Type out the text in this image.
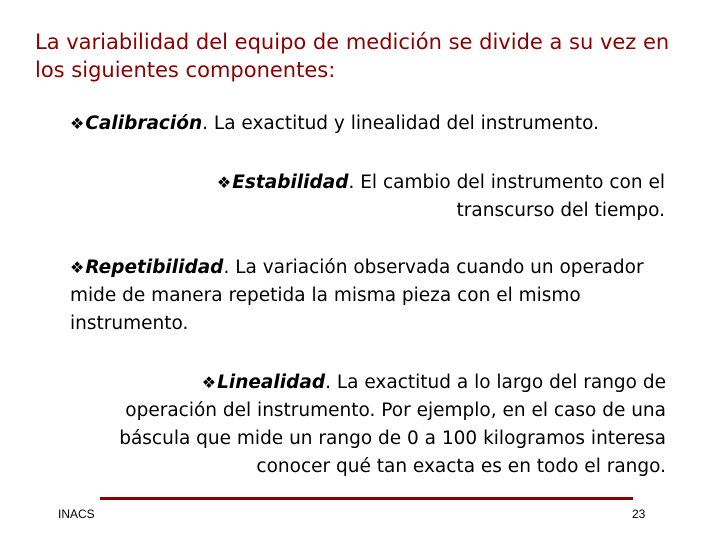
La variabilidad del equipo de medición se divide a su vez en los siguientes componentes:

❖Calibración. La exactitud y linealidad del instrumento.

❖Estabilidad. El cambio del instrumento con el transcurso del tiempo.

❖Repetibilidad. La variación observada cuando un operador mide de manera repetida la misma pieza con el mismo instrumento.

❖Linealidad. La exactitud a lo largo del rango de operación del instrumento. Por ejemplo, en el caso de una báscula que mide un rango de 0 a 100 kilogramos interesa conocer qué tan exacta es en todo el rango.

INACS	23
